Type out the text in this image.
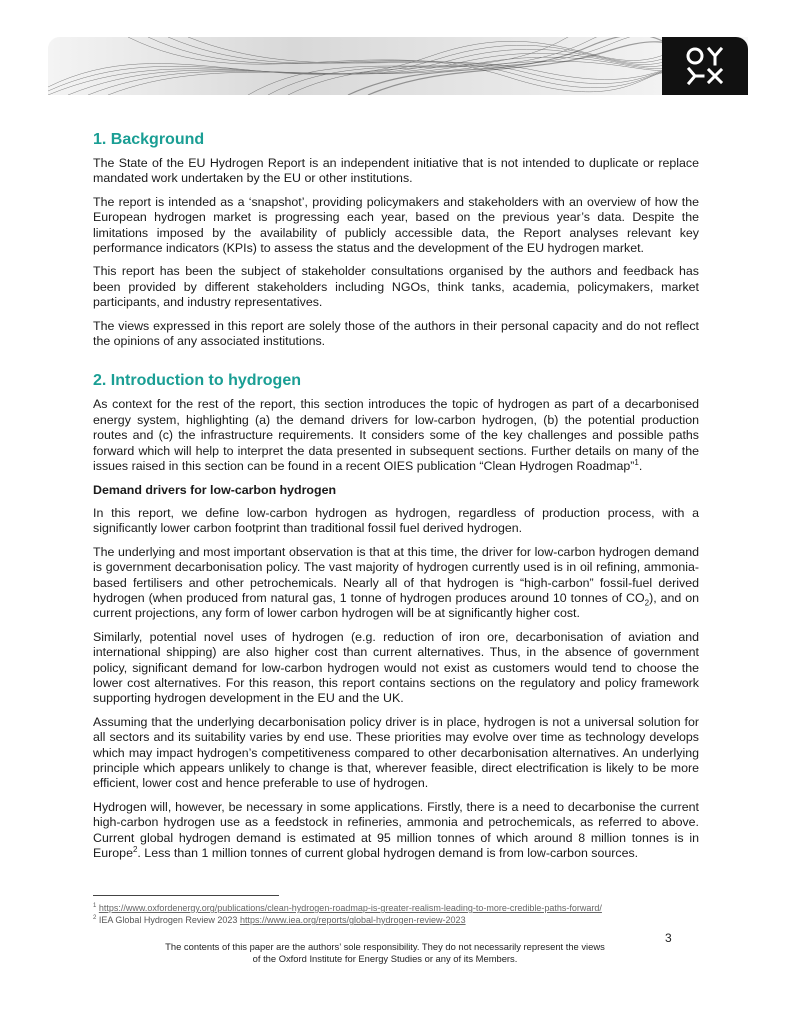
1. Background

The State of the EU Hydrogen Report is an independent initiative that is not intended to duplicate or replace mandated work undertaken by the EU or other institutions.

The report is intended as a ‘snapshot’, providing policymakers and stakeholders with an overview of how the European hydrogen market is progressing each year, based on the previous year’s data. Despite the limitations imposed by the availability of publicly accessible data, the Report analyses relevant key performance indicators (KPIs) to assess the status and the development of the EU hydrogen market.

This report has been the subject of stakeholder consultations organised by the authors and feedback has been provided by different stakeholders including NGOs, think tanks, academia, policymakers, market participants, and industry representatives.

The views expressed in this report are solely those of the authors in their personal capacity and do not reflect the opinions of any associated institutions.

2. Introduction to hydrogen

As context for the rest of the report, this section introduces the topic of hydrogen as part of a decarbonised energy system, highlighting (a) the demand drivers for low-carbon hydrogen, (b) the potential production routes and (c) the infrastructure requirements. It considers some of the key challenges and possible paths forward which will help to interpret the data presented in subsequent sections. Further details on many of the issues raised in this section can be found in a recent OIES publication “Clean Hydrogen Roadmap”$^1$.

Demand drivers for low-carbon hydrogen

In this report, we define low-carbon hydrogen as hydrogen, regardless of production process, with a significantly lower carbon footprint than traditional fossil fuel derived hydrogen.

The underlying and most important observation is that at this time, the driver for low-carbon hydrogen demand is government decarbonisation policy. The vast majority of hydrogen currently used is in oil refining, ammonia-based fertilisers and other petrochemicals. Nearly all of that hydrogen is “high-carbon” fossil-fuel derived hydrogen (when produced from natural gas, 1 tonne of hydrogen produces around 10 tonnes of $CO_2$), and on current projections, any form of lower carbon hydrogen will be at significantly higher cost.

Similarly, potential novel uses of hydrogen (e.g. reduction of iron ore, decarbonisation of aviation and international shipping) are also higher cost than current alternatives. Thus, in the absence of government policy, significant demand for low-carbon hydrogen would not exist as customers would tend to choose the lower cost alternatives. For this reason, this report contains sections on the regulatory and policy framework supporting hydrogen development in the EU and the UK.

Assuming that the underlying decarbonisation policy driver is in place, hydrogen is not a universal solution for all sectors and its suitability varies by end use. These priorities may evolve over time as technology develops which may impact hydrogen’s competitiveness compared to other decarbonisation alternatives. An underlying principle which appears unlikely to change is that, wherever feasible, direct electrification is likely to be more efficient, lower cost and hence preferable to use of hydrogen.

Hydrogen will, however, be necessary in some applications. Firstly, there is a need to decarbonise the current high-carbon hydrogen use as a feedstock in refineries, ammonia and petrochemicals, as referred to above. Current global hydrogen demand is estimated at 95 million tonnes of which around 8 million tonnes is in Europe$^2$. Less than 1 million tonnes of current global hydrogen demand is from low-carbon sources.

$^1$ https://www.oxfordenergy.org/publications/clean-hydrogen-roadmap-is-greater-realism-leading-to-more-credible-paths-forward/
$^2$ IEA Global Hydrogen Review 2023 https://www.iea.org/reports/global-hydrogen-review-2023
3
The contents of this paper are the authors’ sole responsibility. They do not necessarily represent the views
of the Oxford Institute for Energy Studies or any of its Members.
